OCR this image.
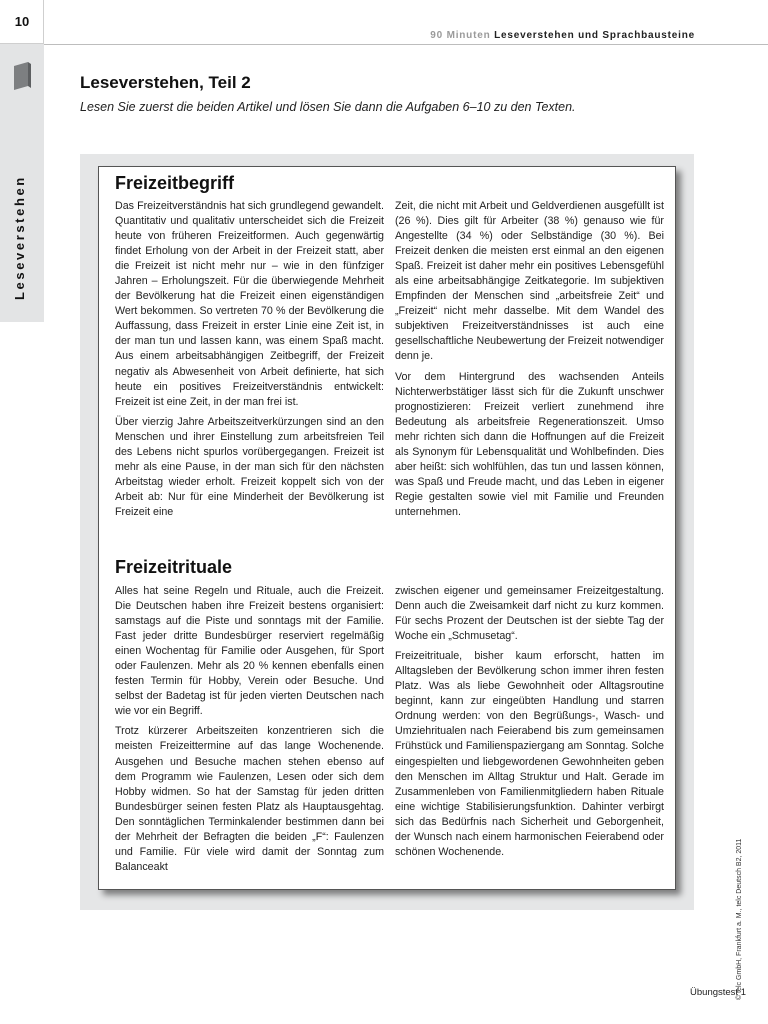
10
Leseverstehen
90 Minuten Leseverstehen und Sprachbausteine
Leseverstehen, Teil 2
Lesen Sie zuerst die beiden Artikel und lösen Sie dann die Aufgaben 6–10 zu den Texten.
Freizeitbegriff

Das Freizeitverständnis hat sich grundlegend gewandelt. Quantitativ und qualitativ unterscheidet sich die Freizeit heute von früheren Freizeitformen. Auch gegenwärtig findet Erholung von der Arbeit in der Freizeit statt, aber die Freizeit ist nicht mehr nur – wie in den fünfziger Jahren – Erholungszeit. Für die überwiegende Mehrheit der Bevölkerung hat die Freizeit einen eigenständigen Wert bekommen. So vertreten 70 % der Bevölkerung die Auffassung, dass Freizeit in erster Linie eine Zeit ist, in der man tun und lassen kann, was einem Spaß macht. Aus einem arbeitsabhängigen Zeitbegriff, der Freizeit negativ als Abwesenheit von Arbeit definierte, hat sich heute ein positives Freizeitverständnis entwickelt: Freizeit ist eine Zeit, in der man frei ist.

Über vierzig Jahre Arbeitszeitverkürzungen sind an den Menschen und ihrer Einstellung zum arbeitsfreien Teil des Lebens nicht spurlos vorübergegangen. Freizeit ist mehr als eine Pause, in der man sich für den nächsten Arbeitstag wieder erholt. Freizeit koppelt sich von der Arbeit ab: Nur für eine Minderheit der Bevölkerung ist Freizeit eine

Zeit, die nicht mit Arbeit und Geldverdienen ausgefüllt ist (26 %). Dies gilt für Arbeiter (38 %) genauso wie für Angestellte (34 %) oder Selbständige (30 %). Bei Freizeit denken die meisten erst einmal an den eigenen Spaß. Freizeit ist daher mehr ein positives Lebensgefühl als eine arbeitsabhängige Zeitkategorie. Im subjektiven Empfinden der Menschen sind „arbeitsfreie Zeit“ und „Freizeit“ nicht mehr dasselbe. Mit dem Wandel des subjektiven Freizeitverständnisses ist auch eine gesellschaftliche Neubewertung der Freizeit notwendiger denn je.

Vor dem Hintergrund des wachsenden Anteils Nichterwerbstätiger lässt sich für die Zukunft unschwer prognostizieren: Freizeit verliert zunehmend ihre Bedeutung als arbeitsfreie Regenerationszeit. Umso mehr richten sich dann die Hoffnungen auf die Freizeit als Synonym für Lebensqualität und Wohlbefinden. Dies aber heißt: sich wohlfühlen, das tun und lassen können, was Spaß und Freude macht, und das Leben in eigener Regie gestalten sowie viel mit Familie und Freunden unternehmen.

Freizeitrituale

Alles hat seine Regeln und Rituale, auch die Freizeit. Die Deutschen haben ihre Freizeit bestens organisiert: samstags auf die Piste und sonntags mit der Familie. Fast jeder dritte Bundesbürger reserviert regelmäßig einen Wochentag für Familie oder Ausgehen, für Sport oder Faulenzen. Mehr als 20 % kennen ebenfalls einen festen Termin für Hobby, Verein oder Besuche. Und selbst der Badetag ist für jeden vierten Deutschen nach wie vor ein Begriff.

Trotz kürzerer Arbeitszeiten konzentrieren sich die meisten Freizeittermine auf das lange Wochenende. Ausgehen und Besuche machen stehen ebenso auf dem Programm wie Faulenzen, Lesen oder sich dem Hobby widmen. So hat der Samstag für jeden dritten Bundesbürger seinen festen Platz als Hauptausgehtag. Den sonntäglichen Terminkalender bestimmen dann bei der Mehrheit der Befragten die beiden „F“: Faulenzen und Familie. Für viele wird damit der Sonntag zum Balanceakt

zwischen eigener und gemeinsamer Freizeitgestaltung. Denn auch die Zweisamkeit darf nicht zu kurz kommen. Für sechs Prozent der Deutschen ist der siebte Tag der Woche ein „Schmusetag“.

Freizeitrituale, bisher kaum erforscht, hatten im Alltagsleben der Bevölkerung schon immer ihren festen Platz. Was als liebe Gewohnheit oder Alltagsroutine beginnt, kann zur eingeübten Handlung und starren Ordnung werden: von den Begrüßungs-, Wasch- und Umziehritualen nach Feierabend bis zum gemeinsamen Frühstück und Familienspaziergang am Sonntag. Solche eingespielten und liebgewordenen Gewohnheiten geben den Menschen im Alltag Struktur und Halt. Gerade im Zusammenleben von Familienmitgliedern haben Rituale eine wichtige Stabilisierungsfunktion. Dahinter verbirgt sich das Bedürfnis nach Sicherheit und Geborgenheit, der Wunsch nach einem harmonischen Feierabend oder schönen Wochenende.	© telc GmbH, Frankfurt a. M., telc Deutsch B2, 2011
Übungstest 1
